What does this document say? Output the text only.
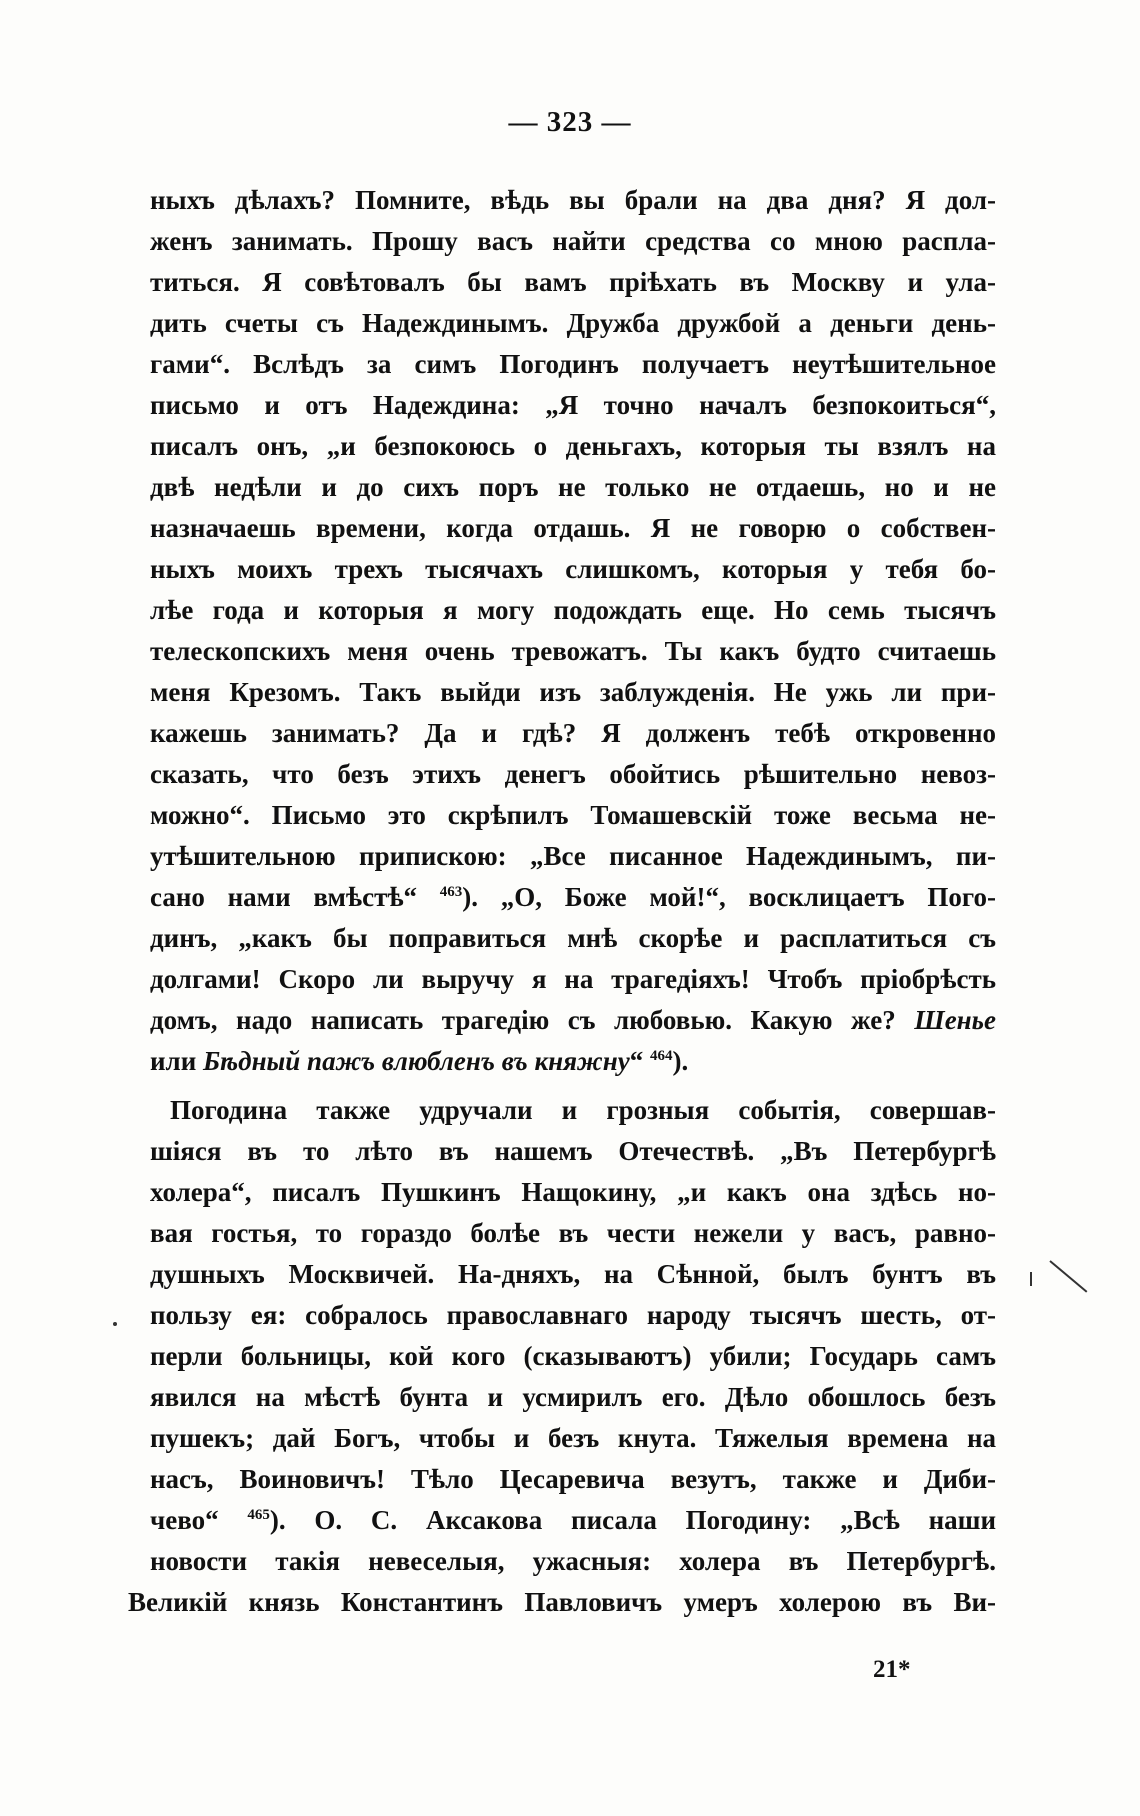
— 323 —
ныхъ дѣлахъ? Помните, вѣдь вы брали на два дня? Я дол-
женъ занимать. Прошу васъ найти средства со мною распла-
титься. Я совѣтовалъ бы вамъ пріѣхать въ Москву и ула-
дить счеты съ Надеждинымъ. Дружба дружбой а деньги день-
гами“. Вслѣдъ за симъ Погодинъ получаетъ неутѣшительное
письмо и отъ Надеждина: „Я точно началъ безпокоиться“,
писалъ онъ, „и безпокоюсь о деньгахъ, которыя ты взялъ на
двѣ недѣли и до сихъ поръ не только не отдаешь, но и не
назначаешь времени, когда отдашь. Я не говорю о собствен-
ныхъ моихъ трехъ тысячахъ слишкомъ, которыя у тебя бо-
лѣе года и которыя я могу подождать еще. Но семь тысячъ
телескопскихъ меня очень тревожатъ. Ты какъ будто считаешь
меня Крезомъ. Такъ выйди изъ заблужденія. Не ужь ли при-
кажешь занимать? Да и гдѣ? Я долженъ тебѣ откровенно
сказать, что безъ этихъ денегъ обойтись рѣшительно невоз-
можно“. Письмо это скрѣпилъ Томашевскій тоже весьма не-
утѣшительною припискою: „Все писанное Надеждинымъ, пи-
сано нами вмѣстѣ“ $^{463}$). „О, Боже мой!“, восклицаетъ Пого-
динъ, „какъ бы поправиться мнѣ скорѣе и расплатиться съ
долгами! Скоро ли выручу я на трагедіяхъ! Чтобъ пріобрѣсть
домъ, надо написать трагедію съ любовью. Какую же? Шенье
или Бѣдный пажъ влюбленъ въ княжну“ $^{464}$).
Погодина также удручали и грозныя событія, совершав-
шіяся въ то лѣто въ нашемъ Отечествѣ. „Въ Петербургѣ
холера“, писалъ Пушкинъ Нащокину, „и какъ она здѣсь но-
вая гостья, то гораздо болѣе въ чести нежели у васъ, равно-
душныхъ Москвичей. На-дняхъ, на Сѣнной, былъ бунтъ въ
пользу ея: собралось православнаго народу тысячъ шесть, от-
перли больницы, кой кого (сказываютъ) убили; Государь самъ
явился на мѣстѣ бунта и усмирилъ его. Дѣло обошлось безъ
пушекъ; дай Богъ, чтобы и безъ кнута. Тяжелыя времена на
насъ, Воиновичъ! Тѣло Цесаревича везутъ, также и Диби-
чево“ $^{465}$). О. С. Аксакова писала Погодину: „Всѣ наши
новости такія невеселыя, ужасныя: холера въ Петербургѣ.
Великій князь Константинъ Павловичъ умеръ холерою въ Ви-
21*
